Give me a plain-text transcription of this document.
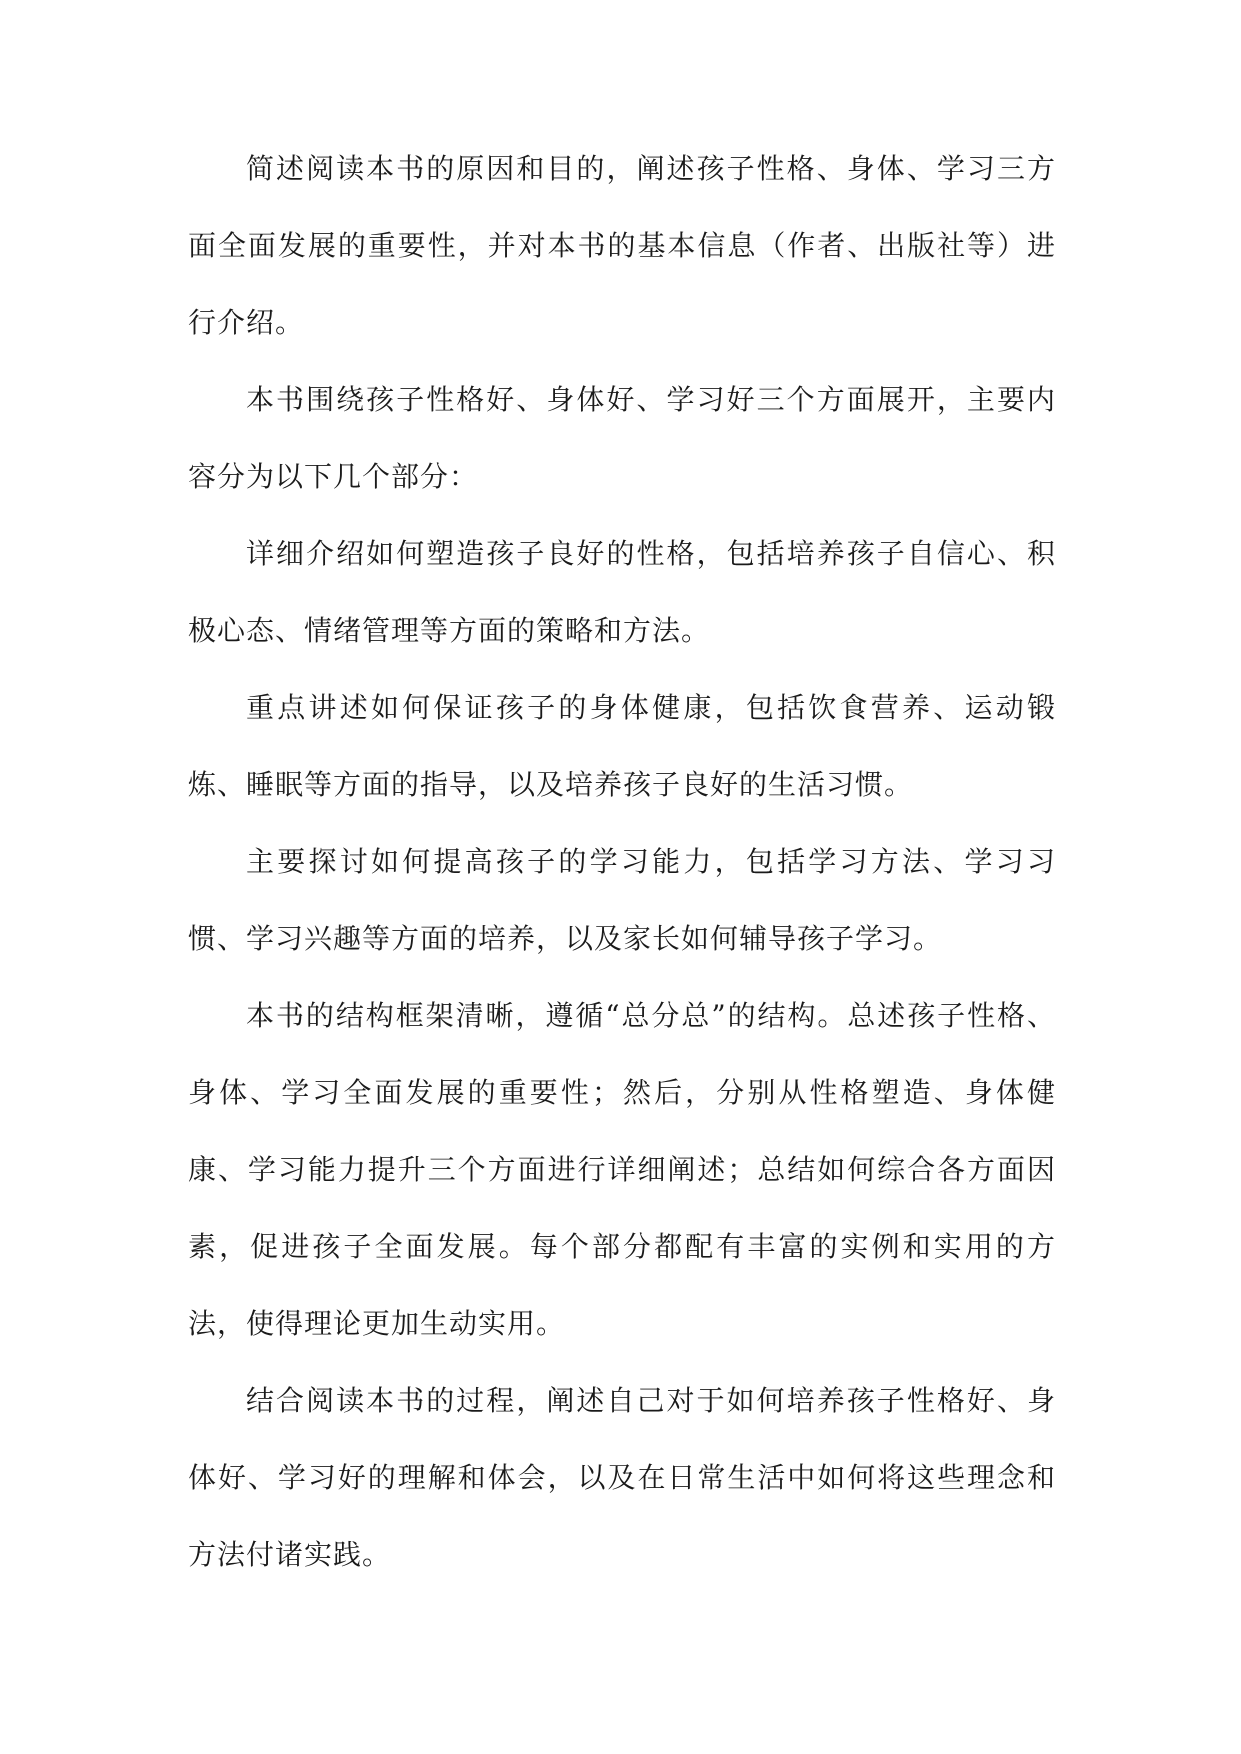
简述阅读本书的原因和目的，阐述孩子性格、身体、学习三方面全面发展的重要性，并对本书的基本信息（作者、出版社等）进行介绍。

本书围绕孩子性格好、身体好、学习好三个方面展开，主要内容分为以下几个部分：

详细介绍如何塑造孩子良好的性格，包括培养孩子自信心、积极心态、情绪管理等方面的策略和方法。

重点讲述如何保证孩子的身体健康，包括饮食营养、运动锻炼、睡眠等方面的指导，以及培养孩子良好的生活习惯。

主要探讨如何提高孩子的学习能力，包括学习方法、学习习惯、学习兴趣等方面的培养，以及家长如何辅导孩子学习。

本书的结构框架清晰，遵循“总分总”的结构。总述孩子性格、身体、学习全面发展的重要性；然后，分别从性格塑造、身体健康、学习能力提升三个方面进行详细阐述；总结如何综合各方面因素，促进孩子全面发展。每个部分都配有丰富的实例和实用的方法，使得理论更加生动实用。

结合阅读本书的过程，阐述自己对于如何培养孩子性格好、身体好、学习好的理解和体会，以及在日常生活中如何将这些理念和方法付诸实践。
